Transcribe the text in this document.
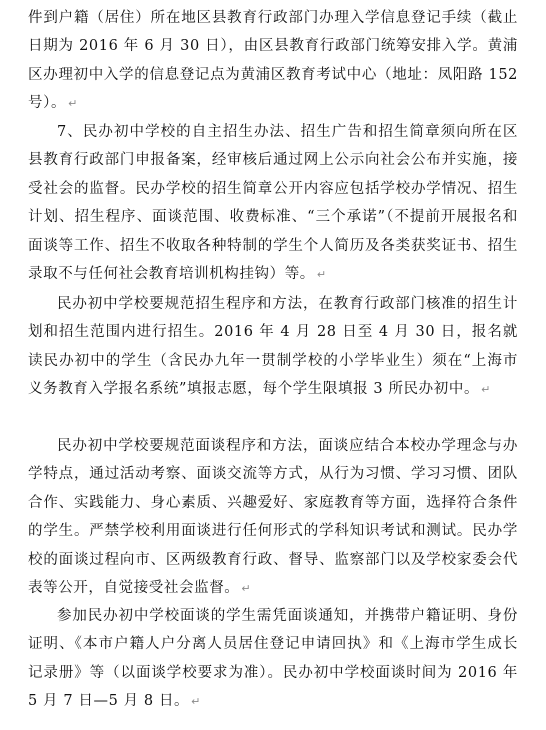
件到户籍（居住）所在地区县教育行政部门办理入学信息登记手续（截止日期为 2016 年 6 月 30 日），由区县教育行政部门统筹安排入学。黄浦区办理初中入学的信息登记点为黄浦区教育考试中心（地址：凤阳路 152 号）。 ↵

7、民办初中学校的自主招生办法、招生广告和招生简章须向所在区县教育行政部门申报备案，经审核后通过网上公示向社会公布并实施，接受社会的监督。民办学校的招生简章公开内容应包括学校办学情况、招生计划、招生程序、面谈范围、收费标准、“三个承诺”（不提前开展报名和面谈等工作、招生不收取各种特制的学生个人简历及各类获奖证书、招生录取不与任何社会教育培训机构挂钩）等。 ↵

民办初中学校要规范招生程序和方法，在教育行政部门核准的招生计划和招生范围内进行招生。2016 年 4 月 28 日至 4 月 30 日，报名就读民办初中的学生（含民办九年一贯制学校的小学毕业生）须在“上海市义务教育入学报名系统”填报志愿，每个学生限填报 3 所民办初中。 ↵

民办初中学校要规范面谈程序和方法，面谈应结合本校办学理念与办学特点，通过活动考察、面谈交流等方式，从行为习惯、学习习惯、团队合作、实践能力、身心素质、兴趣爱好、家庭教育等方面，选择符合条件的学生。严禁学校利用面谈进行任何形式的学科知识考试和测试。民办学校的面谈过程向市、区两级教育行政、督导、监察部门以及学校家委会代表等公开，自觉接受社会监督。 ↵

参加民办初中学校面谈的学生需凭面谈通知，并携带户籍证明、身份证明、《本市户籍人户分离人员居住登记申请回执》和《上海市学生成长记录册》等（以面谈学校要求为准）。民办初中学校面谈时间为 2016 年 5 月 7 日—5 月 8 日。 ↵
